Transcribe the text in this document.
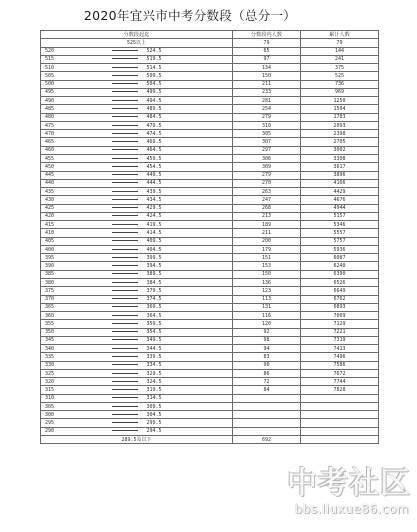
2020年宜兴市中考分数段（总分一）
分数段起迄			分数段内人数	累计人数
525以上			79	79
520		524.5	65	144
515		519.5	97	241
510		514.5	134	375
505		509.5	150	525
500		504.5	211	736
495		499.5	233	969
490		494.5	281	1250
485		489.5	254	1504
480		484.5	279	1783
475		479.5	310	2093
470		474.5	305	2398
465		469.5	307	2705
460		464.5	297	3002
455		459.5	306	3308
450		454.5	309	3617
445		449.5	279	3896
440		444.5	270	4166
435		439.5	263	4429
430		434.5	247	4676
425		429.5	268	4944
420		424.5	213	5157
415		419.5	189	5346
410		414.5	211	5557
405		409.5	200	5757
400		404.5	179	5936
395		399.5	151	6087
390		394.5	153	6240
385		389.5	150	6390
380		384.5	136	6526
375		379.5	123	6649
370		374.5	113	6762
365		369.5	131	6893
360		364.5	116	7009
355		359.5	120	7129
350		354.5	92	7221
345		349.5	98	7319
340		344.5	94	7413
335		339.5	83	7496
330		334.5	90	7586
325		329.5	86	7672
320		324.5	72	7744
315		319.5	84	7828
310		314.5		
305		309.5		
300		304.5		
295		299.5		
290		294.5		
289.5及以下			692	
中考社区
bbs.liuxue86.com
